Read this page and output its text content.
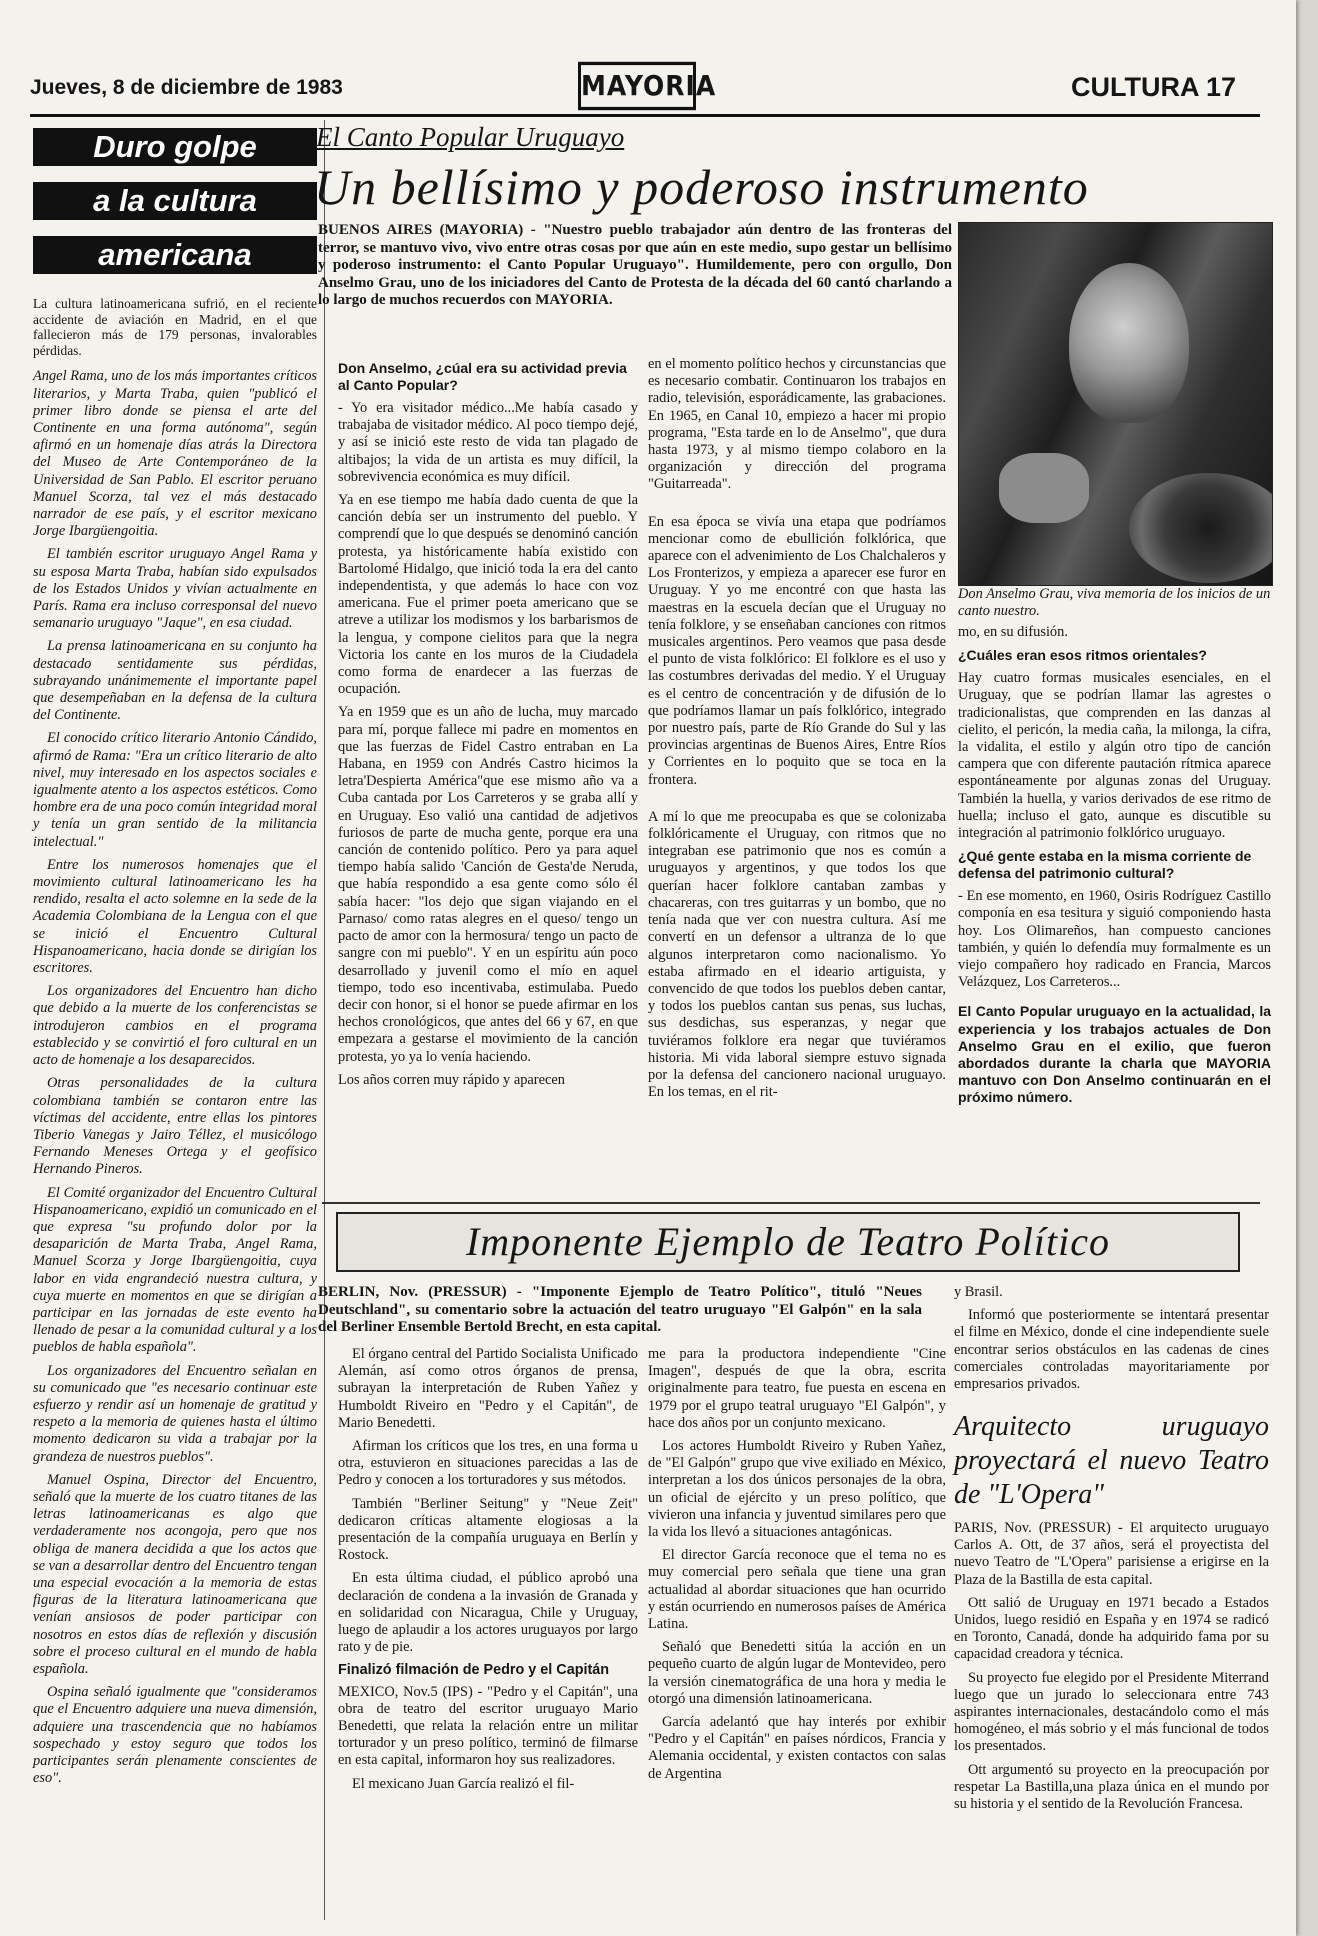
Jueves, 8 de diciembre de 1983	MAYORIA	CULTURA 17
Duro golpe
a la cultura
americana

La cultura latinoamericana sufrió, en el reciente accidente de aviación en Madrid, en el que fallecieron más de 179 personas, invalorables pérdidas.

Angel Rama, uno de los más importantes críticos literarios, y Marta Traba, quien "publicó el primer libro donde se piensa el arte del Continente en una forma autónoma", según afirmó en un homenaje días atrás la Directora del Museo de Arte Contemporáneo de la Universidad de San Pablo. El escritor peruano Manuel Scorza, tal vez el más destacado narrador de ese país, y el escritor mexicano Jorge Ibargüengoitia.

El también escritor uruguayo Angel Rama y su esposa Marta Traba, habían sido expulsados de los Estados Unidos y vivían actualmente en París. Rama era incluso corresponsal del nuevo semanario uruguayo "Jaque", en esa ciudad.

La prensa latinoamericana en su conjunto ha destacado sentidamente sus pérdidas, subrayando unánimemente el importante papel que desempeñaban en la defensa de la cultura del Continente.

El conocido crítico literario Antonio Cándido, afirmó de Rama: "Era un crítico literario de alto nivel, muy interesado en los aspectos sociales e igualmente atento a los aspectos estéticos. Como hombre era de una poco común integridad moral y tenía un gran sentido de la militancia intelectual."

Entre los numerosos homenajes que el movimiento cultural latinoamericano les ha rendido, resalta el acto solemne en la sede de la Academia Colombiana de la Lengua con el que se inició el Encuentro Cultural Hispanoamericano, hacia donde se dirigían los escritores.

Los organizadores del Encuentro han dicho que debido a la muerte de los conferencistas se introdujeron cambios en el programa establecido y se convirtió el foro cultural en un acto de homenaje a los desaparecidos.

Otras personalidades de la cultura colombiana también se contaron entre las víctimas del accidente, entre ellas los pintores Tiberio Vanegas y Jairo Téllez, el musicólogo Fernando Meneses Ortega y el geofísico Hernando Pineros.

El Comité organizador del Encuentro Cultural Hispanoamericano, expidió un comunicado en el que expresa "su profundo dolor por la desaparición de Marta Traba, Angel Rama, Manuel Scorza y Jorge Ibargüengoitia, cuya labor en vida engrandeció nuestra cultura, y cuya muerte en momentos en que se dirigían a participar en las jornadas de este evento ha llenado de pesar a la comunidad cultural y a los pueblos de habla española".

Los organizadores del Encuentro señalan en su comunicado que "es necesario continuar este esfuerzo y rendir así un homenaje de gratitud y respeto a la memoria de quienes hasta el último momento dedicaron su vida a trabajar por la grandeza de nuestros pueblos".

Manuel Ospina, Director del Encuentro, señaló que la muerte de los cuatro titanes de las letras latinoamericanas es algo que verdaderamente nos acongoja, pero que nos obliga de manera decidida a que los actos que se van a desarrollar dentro del Encuentro tengan una especial evocación a la memoria de estas figuras de la literatura latinoamericana que venían ansiosos de poder participar con nosotros en estos días de reflexión y discusión sobre el proceso cultural en el mundo de habla española.

Ospina señaló igualmente que "consideramos que el Encuentro adquiere una nueva dimensión, adquiere una trascendencia que no habíamos sospechado y estoy seguro que todos los participantes serán plenamente conscientes de eso".

El Canto Popular Uruguayo
Un bellísimo y poderoso instrumento
BUENOS AIRES (MAYORIA) - "Nuestro pueblo trabajador aún dentro de las fronteras del terror, se mantuvo vivo, vivo entre otras cosas por que aún en este medio, supo gestar un bellísimo y poderoso instrumento: el Canto Popular Uruguayo". Humildemente, pero con orgullo, Don Anselmo Grau, uno de los iniciadores del Canto de Protesta de la década del 60 cantó charlando a lo largo de muchos recuerdos con MAYORIA.
Don Anselmo Grau, viva memoria de los inicios de un canto nuestro.
Don Anselmo, ¿cúal era su actividad previa al Canto Popular?

- Yo era visitador médico...Me había casado y trabajaba de visitador médico. Al poco tiempo dejé, y así se inició este resto de vida tan plagado de altibajos; la vida de un artista es muy difícil, la sobrevivencia económica es muy difícil.

Ya en ese tiempo me había dado cuenta de que la canción debía ser un instrumento del pueblo. Y comprendí que lo que después se denominó canción protesta, ya históricamente había existido con Bartolomé Hidalgo, que inició toda la era del canto independentista, y que además lo hace con voz americana. Fue el primer poeta americano que se atreve a utilizar los modismos y los barbarismos de la lengua, y compone cielitos para que la negra Victoria los cante en los muros de la Ciudadela como forma de enardecer a las fuerzas de ocupación.

Ya en 1959 que es un año de lucha, muy marcado para mí, porque fallece mi padre en momentos en que las fuerzas de Fidel Castro entraban en La Habana, en 1959 con Andrés Castro hicimos la letra'Despierta América"que ese mismo año va a Cuba cantada por Los Carreteros y se graba allí y en Uruguay. Eso valió una cantidad de adjetivos furiosos de parte de mucha gente, porque era una canción de contenido político. Pero ya para aquel tiempo había salido 'Canción de Gesta'de Neruda, que había respondido a esa gente como sólo él sabía hacer: "los dejo que sigan viajando en el Parnaso/ como ratas alegres en el queso/ tengo un pacto de amor con la hermosura/ tengo un pacto de sangre con mi pueblo". Y en un espíritu aún poco desarrollado y juvenil como el mío en aquel tiempo, todo eso incentivaba, estimulaba. Puedo decir con honor, si el honor se puede afirmar en los hechos cronológicos, que antes del 66 y 67, en que empezara a gestarse el movimiento de la canción protesta, yo ya lo venía haciendo.

Los años corren muy rápido y aparecen

en el momento político hechos y circunstancias que es necesario combatir. Continuaron los trabajos en radio, televisión, esporádicamente, las grabaciones. En 1965, en Canal 10, empiezo a hacer mi propio programa, "Esta tarde en lo de Anselmo", que dura hasta 1973, y al mismo tiempo colaboro en la organización y dirección del programa "Guitarreada".

En esa época se vivía una etapa que podríamos mencionar como de ebullición folklórica, que aparece con el advenimiento de Los Chalchaleros y Los Fronterizos, y empieza a aparecer ese furor en Uruguay. Y yo me encontré con que hasta las maestras en la escuela decían que el Uruguay no tenía folklore, y se enseñaban canciones con ritmos musicales argentinos. Pero veamos que pasa desde el punto de vista folklórico: El folklore es el uso y las costumbres derivadas del medio. Y el Uruguay es el centro de concentración y de difusión de lo que podríamos llamar un país folklórico, integrado por nuestro país, parte de Río Grande do Sul y las provincias argentinas de Buenos Aires, Entre Ríos y Corrientes en lo poquito que se toca en la frontera.

A mí lo que me preocupaba es que se colonizaba folklóricamente el Uruguay, con ritmos que no integraban ese patrimonio que nos es común a uruguayos y argentinos, y que todos los que querían hacer folklore cantaban zambas y chacareras, con tres guitarras y un bombo, que no tenía nada que ver con nuestra cultura. Así me convertí en un defensor a ultranza de lo que algunos interpretaron como nacionalismo. Yo estaba afirmado en el ideario artiguista, y convencido de que todos los pueblos deben cantar, y todos los pueblos cantan sus penas, sus luchas, sus desdichas, sus esperanzas, y negar que tuviéramos folklore era negar que tuviéramos historia. Mi vida laboral siempre estuvo signada por la defensa del cancionero nacional uruguayo. En los temas, en el rit-

mo, en su difusión.

¿Cuáles eran esos ritmos orientales?

Hay cuatro formas musicales esenciales, en el Uruguay, que se podrían llamar las agrestes o tradicionalistas, que comprenden en las danzas al cielito, el pericón, la media caña, la milonga, la cifra, la vidalita, el estilo y algún otro tipo de canción campera que con diferente pautación rítmica aparece espontáneamente por algunas zonas del Uruguay. También la huella, y varios derivados de ese ritmo de huella; incluso el gato, aunque es discutible su integración al patrimonio folklórico uruguayo.

¿Qué gente estaba en la misma corriente de defensa del patrimonio cultural?

- En ese momento, en 1960, Osiris Rodríguez Castillo componía en esa tesitura y siguió componiendo hasta hoy. Los Olimareños, han compuesto canciones también, y quién lo defendía muy formalmente es un viejo compañero hoy radicado en Francia, Marcos Velázquez, Los Carreteros...

El Canto Popular uruguayo en la actualidad, la experiencia y los trabajos actuales de Don Anselmo Grau en el exilio, que fueron abordados durante la charla que MAYORIA mantuvo con Don Anselmo continuarán en el próximo número.

Imponente Ejemplo de Teatro Político
BERLIN, Nov. (PRESSUR) - "Imponente Ejemplo de Teatro Político", tituló "Neues Deutschland", su comentario sobre la actuación del teatro uruguayo "El Galpón" en la sala del Berliner Ensemble Bertold Brecht, en esta capital.

El órgano central del Partido Socialista Unificado Alemán, así como otros órganos de prensa, subrayan la interpretación de Ruben Yañez y Humboldt Riveiro en "Pedro y el Capitán", de Mario Benedetti.

Afirman los críticos que los tres, en una forma u otra, estuvieron en situaciones parecidas a las de Pedro y conocen a los torturadores y sus métodos.

También "Berliner Seitung" y "Neue Zeit" dedicaron críticas altamente elogiosas a la presentación de la compañía uruguaya en Berlín y Rostock.

En esta última ciudad, el público aprobó una declaración de condena a la invasión de Granada y en solidaridad con Nicaragua, Chile y Uruguay, luego de aplaudir a los actores uruguayos por largo rato y de pie.

Finalizó filmación de Pedro y el Capitán

MEXICO, Nov.5 (IPS) - "Pedro y el Capitán", una obra de teatro del escritor uruguayo Mario Benedetti, que relata la relación entre un militar torturador y un preso político, terminó de filmarse en esta capital, informaron hoy sus realizadores.

El mexicano Juan García realizó el fil-

me para la productora independiente "Cine Imagen", después de que la obra, escrita originalmente para teatro, fue puesta en escena en 1979 por el grupo teatral uruguayo "El Galpón", y hace dos años por un conjunto mexicano.

Los actores Humboldt Riveiro y Ruben Yañez, de "El Galpón" grupo que vive exiliado en México, interpretan a los dos únicos personajes de la obra, un oficial de ejército y un preso político, que vivieron una infancia y juventud similares pero que la vida los llevó a situaciones antagónicas.

El director García reconoce que el tema no es muy comercial pero señala que tiene una gran actualidad al abordar situaciones que han ocurrido y están ocurriendo en numerosos países de América Latina.

Señaló que Benedetti sitúa la acción en un pequeño cuarto de algún lugar de Montevideo, pero la versión cinematográfica de una hora y media le otorgó una dimensión latinoamericana.

García adelantó que hay interés por exhibir "Pedro y el Capitán" en países nórdicos, Francia y Alemania occidental, y existen contactos con salas de Argentina

y Brasil.

Informó que posteriormente se intentará presentar el filme en México, donde el cine independiente suele encontrar serios obstáculos en las cadenas de cines comerciales controladas mayoritariamente por empresarios privados.

Arquitecto uruguayo proyectará el nuevo Teatro de "L'Opera"

PARIS, Nov. (PRESSUR) - El arquitecto uruguayo Carlos A. Ott, de 37 años, será el proyectista del nuevo Teatro de "L'Opera" parisiense a erigirse en la Plaza de la Bastilla de esta capital.

Ott salió de Uruguay en 1971 becado a Estados Unidos, luego residió en España y en 1974 se radicó en Toronto, Canadá, donde ha adquirido fama por su capacidad creadora y técnica.

Su proyecto fue elegido por el Presidente Miterrand luego que un jurado lo seleccionara entre 743 aspirantes internacionales, destacándolo como el más homogéneo, el más sobrio y el más funcional de todos los presentados.

Ott argumentó su proyecto en la preocupación por respetar La Bastilla,una plaza única en el mundo por su historia y el sentido de la Revolución Francesa.
